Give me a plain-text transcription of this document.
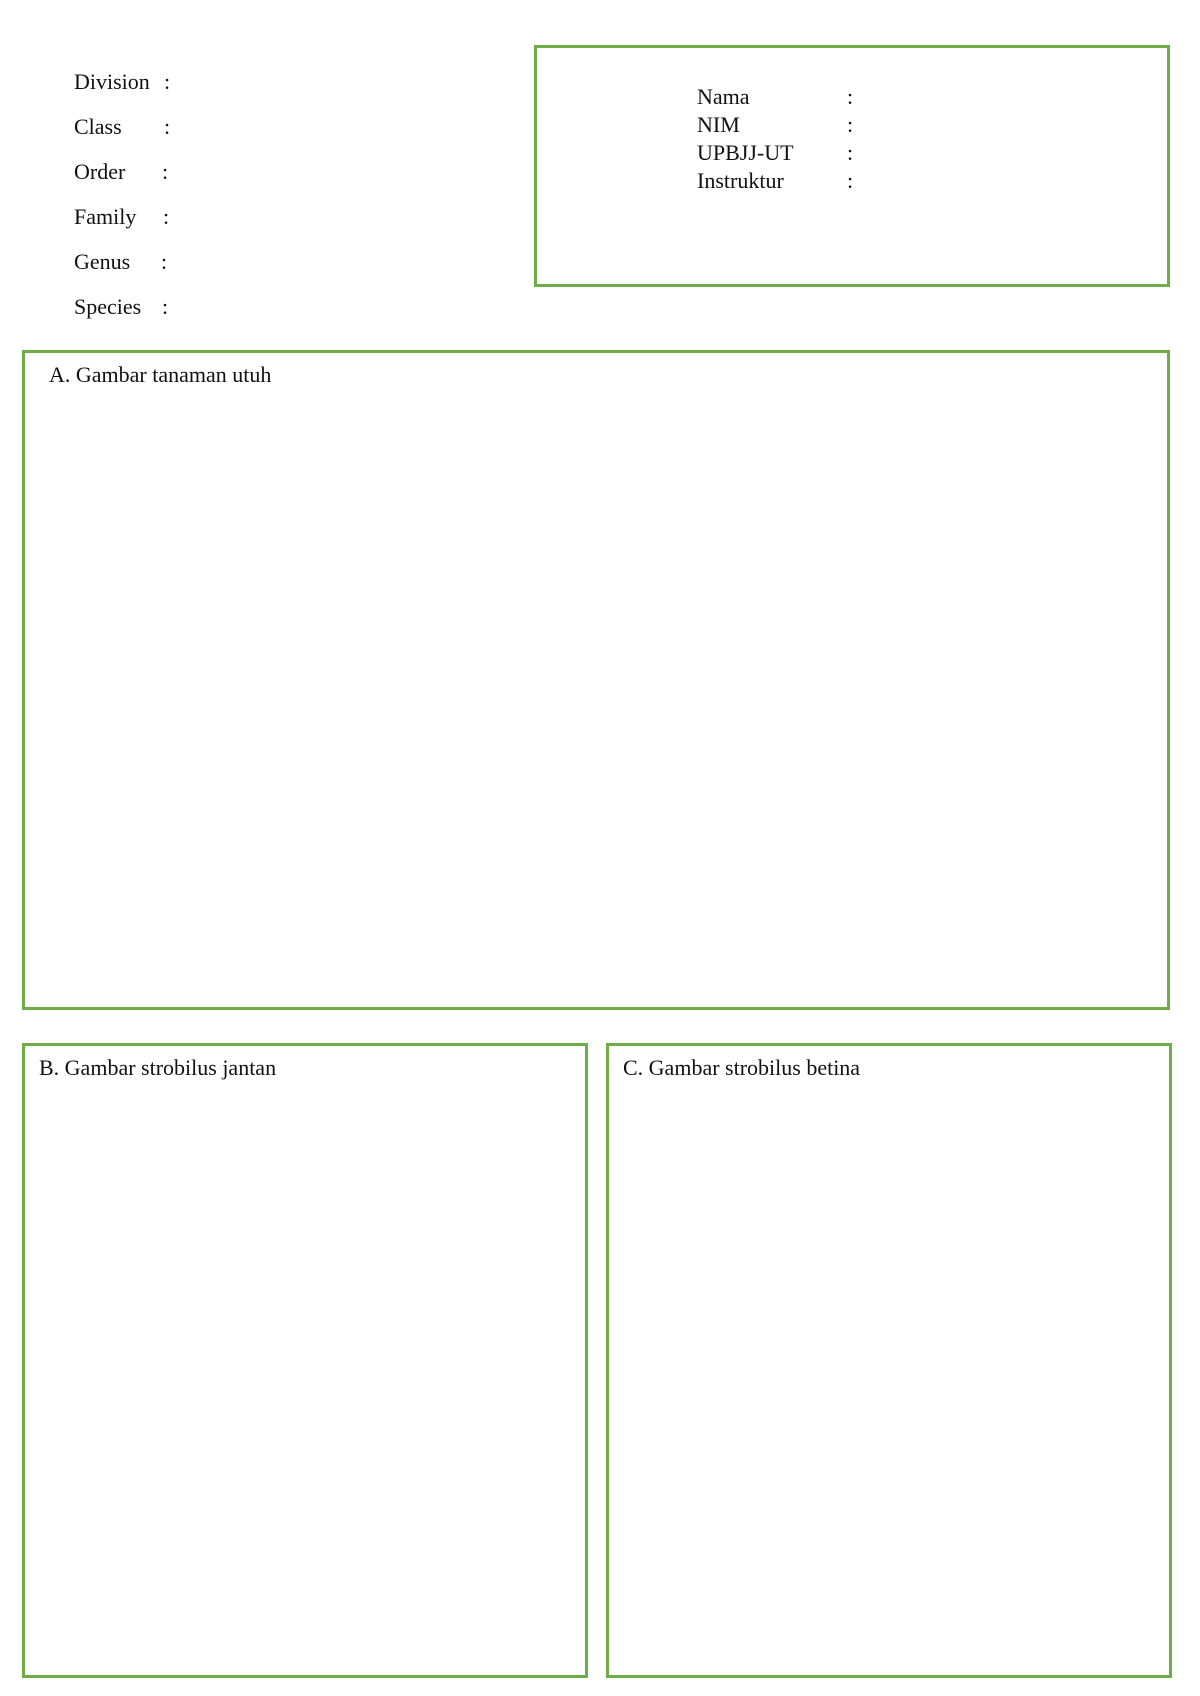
Division :
Class :
Order :
Family :
Genus :
Species :
Nama	:
NIM	:
UPBJJ-UT :
Instruktur	:
A. Gambar tanaman utuh
B. Gambar strobilus jantan	C. Gambar strobilus betina
